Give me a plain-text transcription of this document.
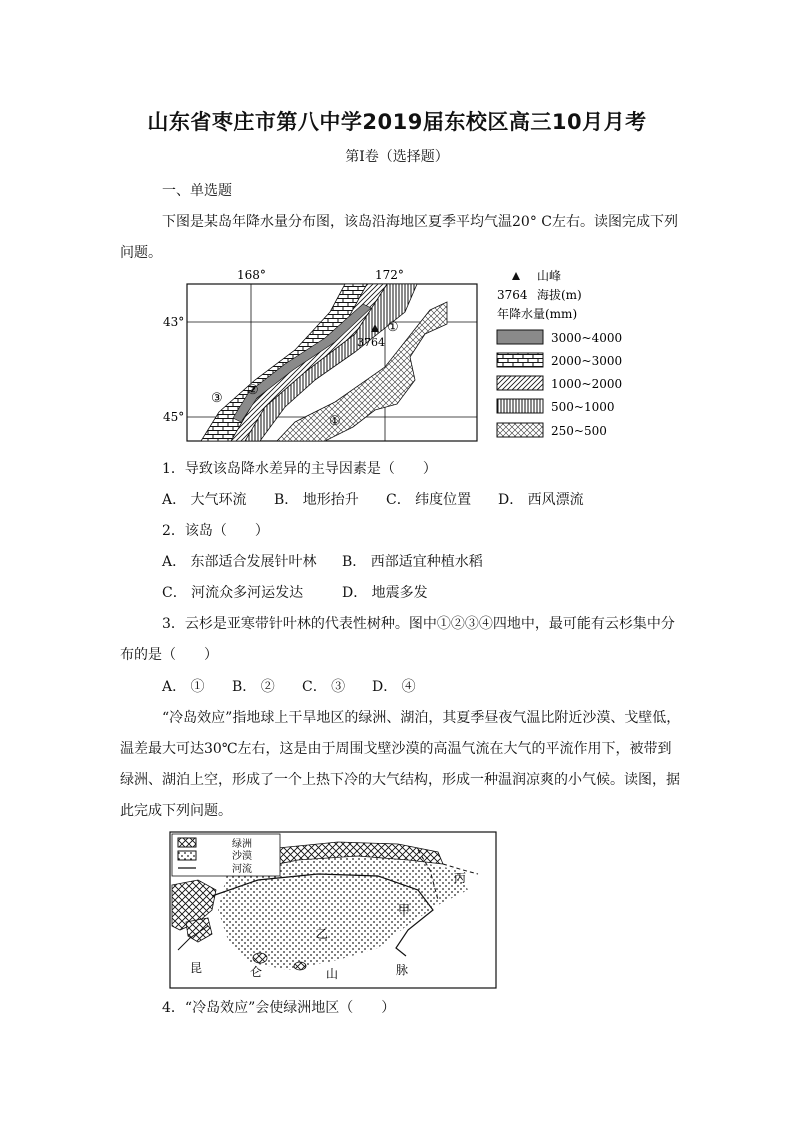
山东省枣庄市第八中学2019届东校区高三10月月考
第I卷（选择题）
一、单选题
下图是某岛年降水量分布图，该岛沿海地区夏季平均气温20° C左右。读图完成下列
问题。
3764
168°	172°
43°
45°
①
②
③
①
山峰
3764 海拔(m)
年降水量(mm)
3000~4000
2000~3000
1000~2000
500~1000
250~500
1．导致该岛降水差异的主导因素是（　　）
A． 大气环流 B． 地形抬升 C． 纬度位置 D． 西风漂流
2．该岛（　　）
A． 东部适合发展针叶林 B． 西部适宜种植水稻
C． 河流众多河运发达	D． 地震多发
3．云杉是亚寒带针叶林的代表性树种。图中①②③④四地中，最可能有云杉集中分
布的是（　　）
A． ① B． ② C． ③ D． ④
“冷岛效应”指地球上干旱地区的绿洲、湖泊，其夏季昼夜气温比附近沙漠、戈壁低，
温差最大可达30℃左右，这是由于周围戈壁沙漠的高温气流在大气的平流作用下，被带到
绿洲、湖泊上空，形成了一个上热下冷的大气结构，形成一种温润凉爽的小气候。读图，据
此完成下列问题。
绿洲
沙漠
河流
丙
甲
乙
昆	仑	山	脉
4．“冷岛效应”会使绿洲地区（　　）
